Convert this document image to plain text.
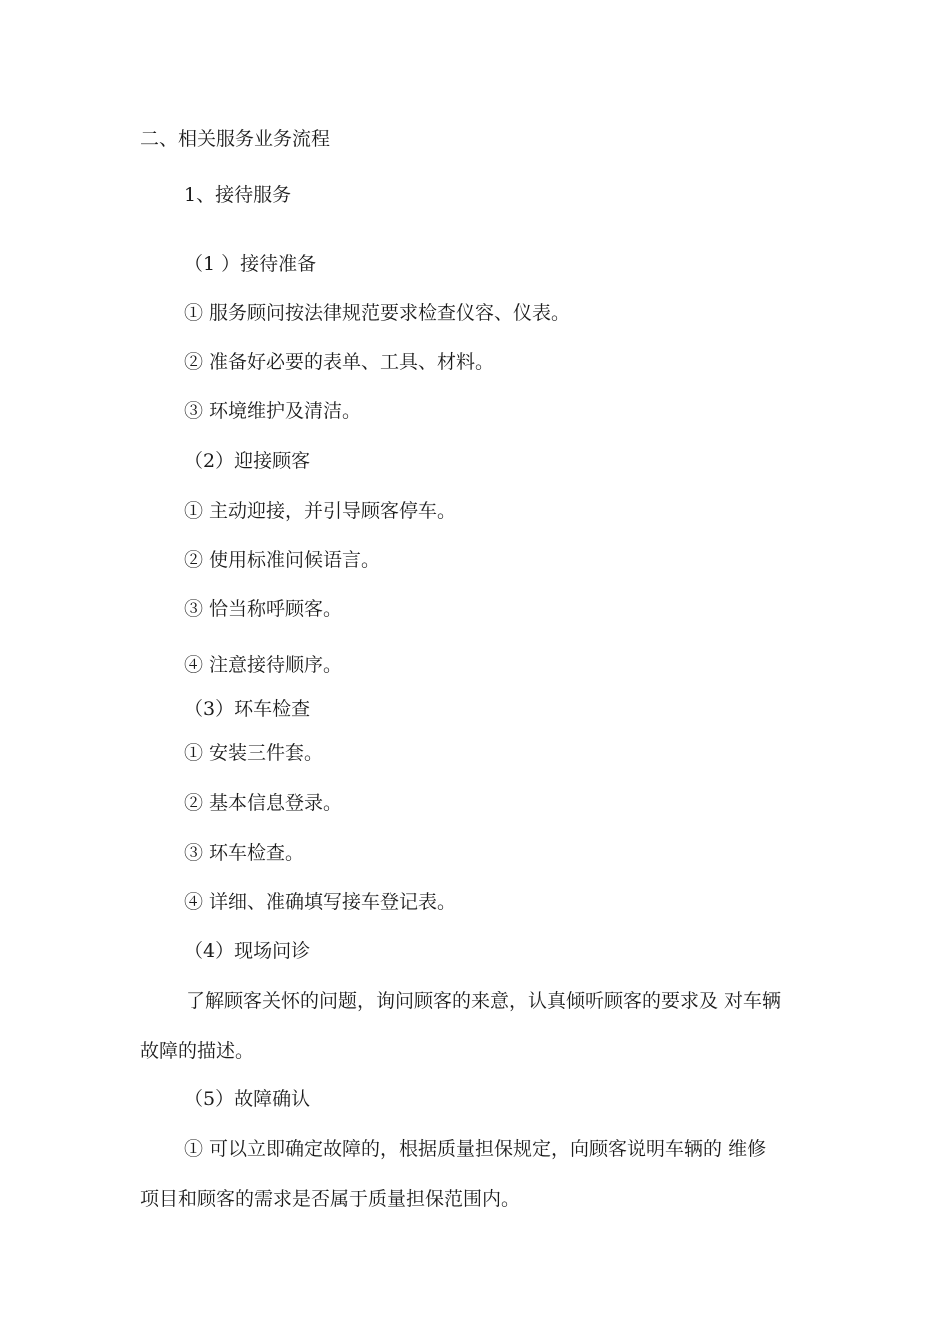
二、相关服务业务流程
1、接待服务
（1 ）接待准备
① 服务顾问按法律规范要求检查仪容、仪表。
② 准备好必要的表单、工具、材料。
③ 环境维护及清洁。
（2）迎接顾客
① 主动迎接，并引导顾客停车。
② 使用标准问候语言。
③ 恰当称呼顾客。
④ 注意接待顺序。
（3）环车检查
① 安装三件套。
② 基本信息登录。
③ 环车检查。
④ 详细、准确填写接车登记表。
（4）现场问诊
了解顾客关怀的问题，询问顾客的来意，认真倾听顾客的要求及 对车辆
故障的描述。
（5）故障确认
① 可以立即确定故障的，根据质量担保规定，向顾客说明车辆的 维修
项目和顾客的需求是否属于质量担保范围内。
